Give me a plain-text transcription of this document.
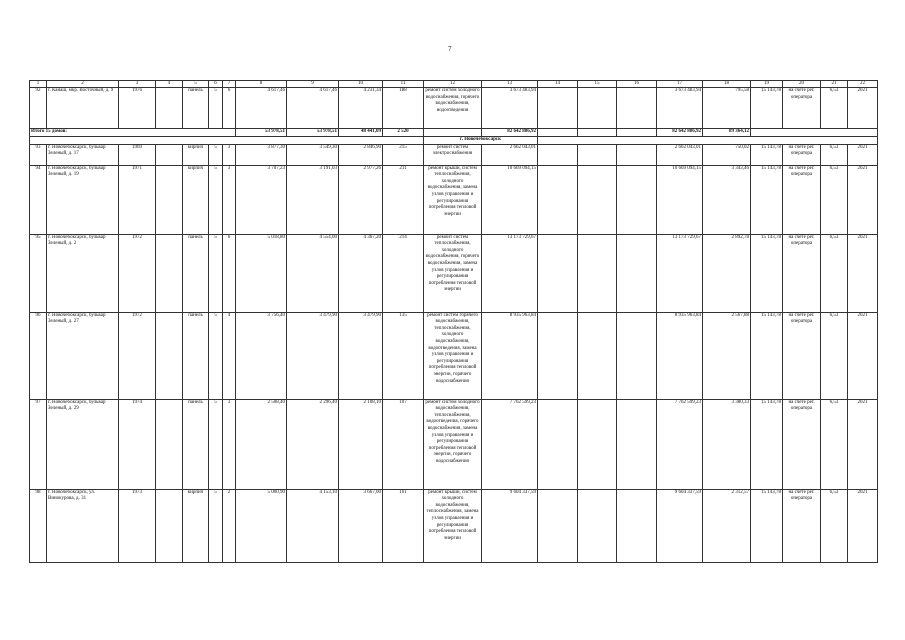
7
1	2	3	4	5	6	7	8	9	10	11	12	13	14	15	16	17	18	19	20	21	22
92	г. Канаш, мкр. Восточный, д. 9	1976		панель	5	6	4 617,46	4 617,46	4 231,34	188	ремонт систем холодного водоснабжения, горячего водоснабжения, водоотведения	3 673 483,94				3 673 483,94	795,58	15 143,78	на счете рег. оператора	6,53	2021
Итого 15 домов:							53 978,51	53 978,51	48 441,09	2 520		82 642 886,92				82 642 886,92	89 364,12				
											г. Новочебоксарск										
93	г. Новочебоксарск, бульвар Зеленый, д. 17	1969		кирпич	5	3	3 877,30	3 549,30	2 846,90	215	ремонт систем электроснабжения	2 662 043,01				2 662 043,01	750,02	15 143,78	на счете рег. оператора	6,53	2021
94	г. Новочебоксарск, бульвар Зеленый, д. 19	1971		кирпич	5	3	3 707,23	3 191,03	2 977,26	211	ремонт крыши, систем теплоснабжения, холодного водоснабжения, замена узлов управления и регулирования потребления тепловой энергии	10 669 094,15				10 669 094,15	3 343,46	15 143,78	на счете рег. оператора	6,53	2021
95	г. Новочебоксарск, бульвар Зеленый, д. 2	1972		панель	5	6	5 018,80	4 554,00	4 367,20	214	ремонт систем теплоснабжения, холодного водоснабжения, горячего водоснабжения, замена узлов управления и регулирования потребления тепловой энергии	13 173 729,67				13 173 729,67	2 892,78	15 143,78	на счете рег. оператора	6,53	2021
96	г. Новочебоксарск, бульвар Зеленый, д. 27	1972		панель	5	4	3 756,40	3 479,90	3 479,90	135	ремонт систем горячего водоснабжения, теплоснабжения, холодного водоснабжения, водоотведения, замена узлов управления и регулирования потребления тепловой энергии, горячего водоснабжения	8 935 963,84				8 935 963,84	2 567,88	15 143,78	на счете рег. оператора	6,53	2021
97	г. Новочебоксарск, бульвар Зеленый, д. 29	1974		панель	5	3	2 508,40	2 296,40	2 108,10	107	ремонт систем холодного водоснабжения, теплоснабжения, водоотведения, горячего водоснабжения, замена узлов управления и регулирования потребления тепловой энергии, горячего водоснабжения	7 762 599,23				7 762 599,23	3 380,33	15 143,78	на счете рег. оператора	6,53	2021
98	г. Новочебоксарск, ул. Винокурова, д. 31	1973		кирпич	5	2	5 000,90	4 153,10	3 667,00	161	ремонт крыши, систем холодного водоснабжения, теплоснабжения, замена узлов управления и регулирования потребления тепловой энергии	9 604 337,59				9 604 337,59	2 312,57	15 143,78	на счете рег. оператора	6,53	2021
